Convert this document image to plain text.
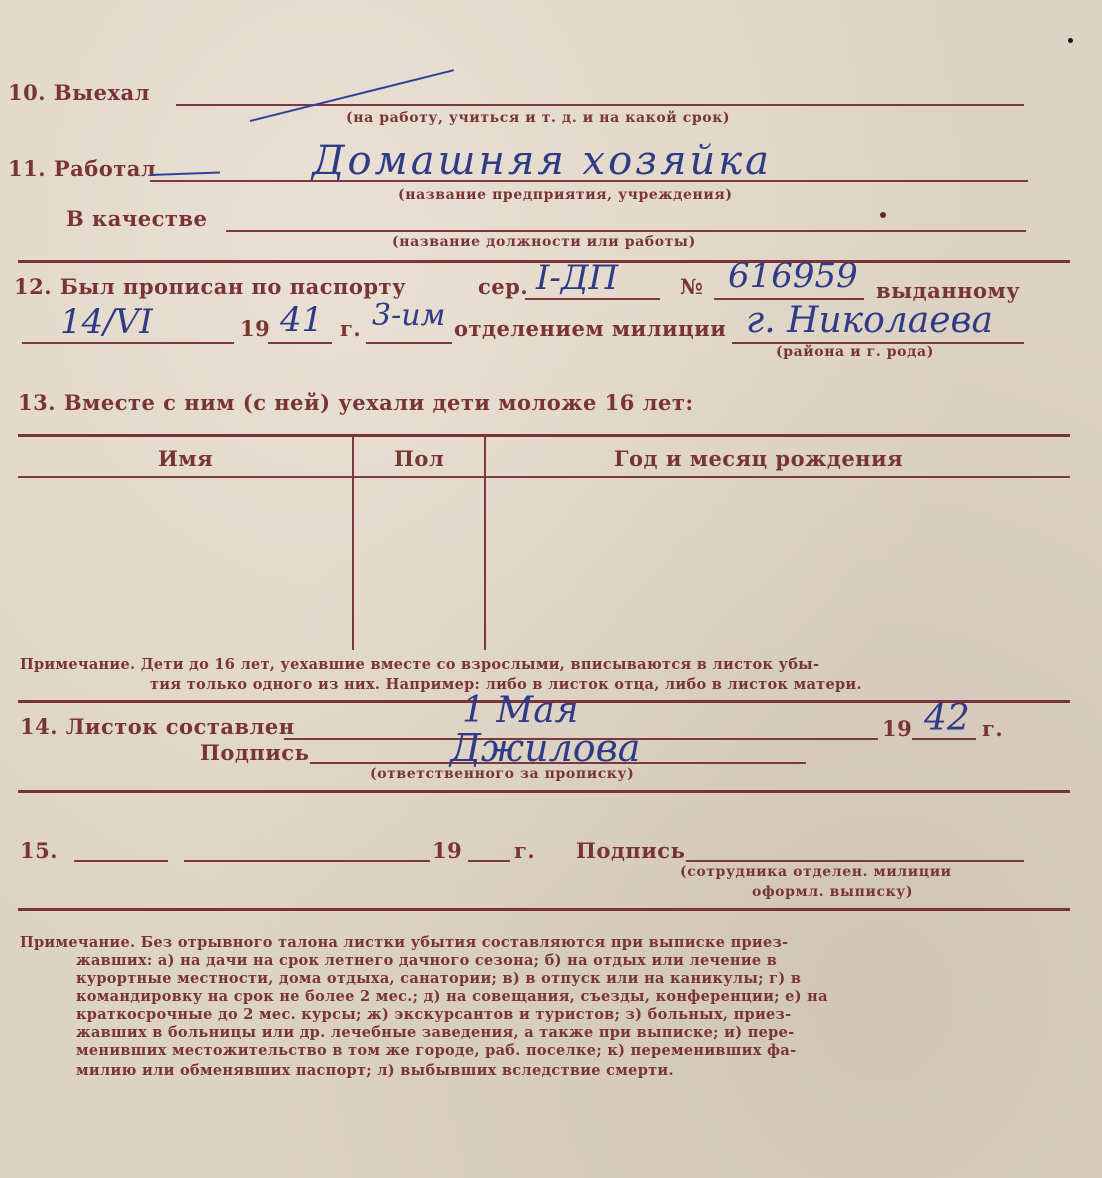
10. Выехал
(на работу, учиться и т. д. и на какой срок)
11. Работал	Домашняя хозяйка
(название предприятия, учреждения)
В качестве
(название должности или работы)
12. Был прописан по паспорту	сер. I-ДП	№ 616959 выданному
14/VI	19 41 г. 3-им отделением милиции г. Николаева
(района и г. рода)
13. Вместе с ним (с ней) уехали дети моложе 16 лет:
Имя	Пол	Год и месяц рождения
Примечание. Дети до 16 лет, уехавшие вместе со взрослыми, вписываются в листок убы-
тия только одного из них. Например: либо в листок отца, либо в листок матери.
14. Листок составлен	1 Мая	19 42 г.
Подпись	Джилова
(ответственного за прописку)
15.	19 г. Подпись
(сотрудника отделен. милиции
оформл. выписку)
Примечание. Без отрывного талона листки убытия составляются при выписке приез-
жавших: а) на дачи на срок летнего дачного сезона; б) на отдых или лечение в
курортные местности, дома отдыха, санатории; в) в отпуск или на каникулы; г) в
командировку на срок не более 2 мес.; д) на совещания, съезды, конференции; е) на
краткосрочные до 2 мес. курсы; ж) экскурсантов и туристов; з) больных, приез-
жавших в больницы или др. лечебные заведения, а также при выписке; и) пере-
менивших местожительство в том же городе, раб. поселке; к) переменивших фа-
милию или обменявших паспорт; л) выбывших вследствие смерти.
